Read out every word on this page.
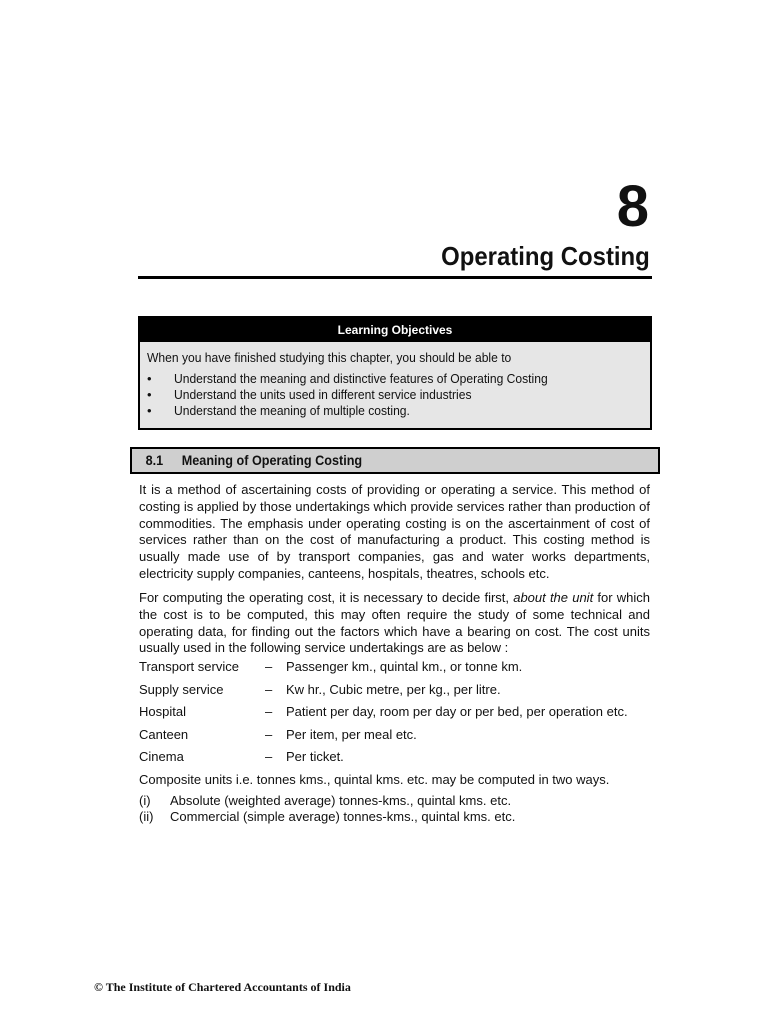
8
Operating Costing
Learning Objectives
When you have finished studying this chapter, you should be able to
• Understand the meaning and distinctive features of Operating Costing
• Understand the units used in different service industries
• Understand the meaning of multiple costing.
8.1 Meaning of Operating Costing
It is a method of ascertaining costs of providing or operating a service. This method of costing is applied by those undertakings which provide services rather than production of commodities. The emphasis under operating costing is on the ascertainment of cost of services rather than on the cost of manufacturing a product. This costing method is usually made use of by transport companies, gas and water works departments, electricity supply companies, canteens, hospitals, theatres, schools etc.
For computing the operating cost, it is necessary to decide first, about the unit for which the cost is to be computed, this may often require the study of some technical and operating data, for finding out the factors which have a bearing on cost. The cost units usually used in the following service undertakings are as below :
Transport service – Passenger km., quintal km., or tonne km.
Supply service	– Kw hr., Cubic metre, per kg., per litre.
Hospital	– Patient per day, room per day or per bed, per operation etc.
Canteen	– Per item, per meal etc.
Cinema	– Per ticket.
Composite units i.e. tonnes kms., quintal kms. etc. may be computed in two ways.
(i) Absolute (weighted average) tonnes-kms., quintal kms. etc.
(ii) Commercial (simple average) tonnes-kms., quintal kms. etc.
© The Institute of Chartered Accountants of India
